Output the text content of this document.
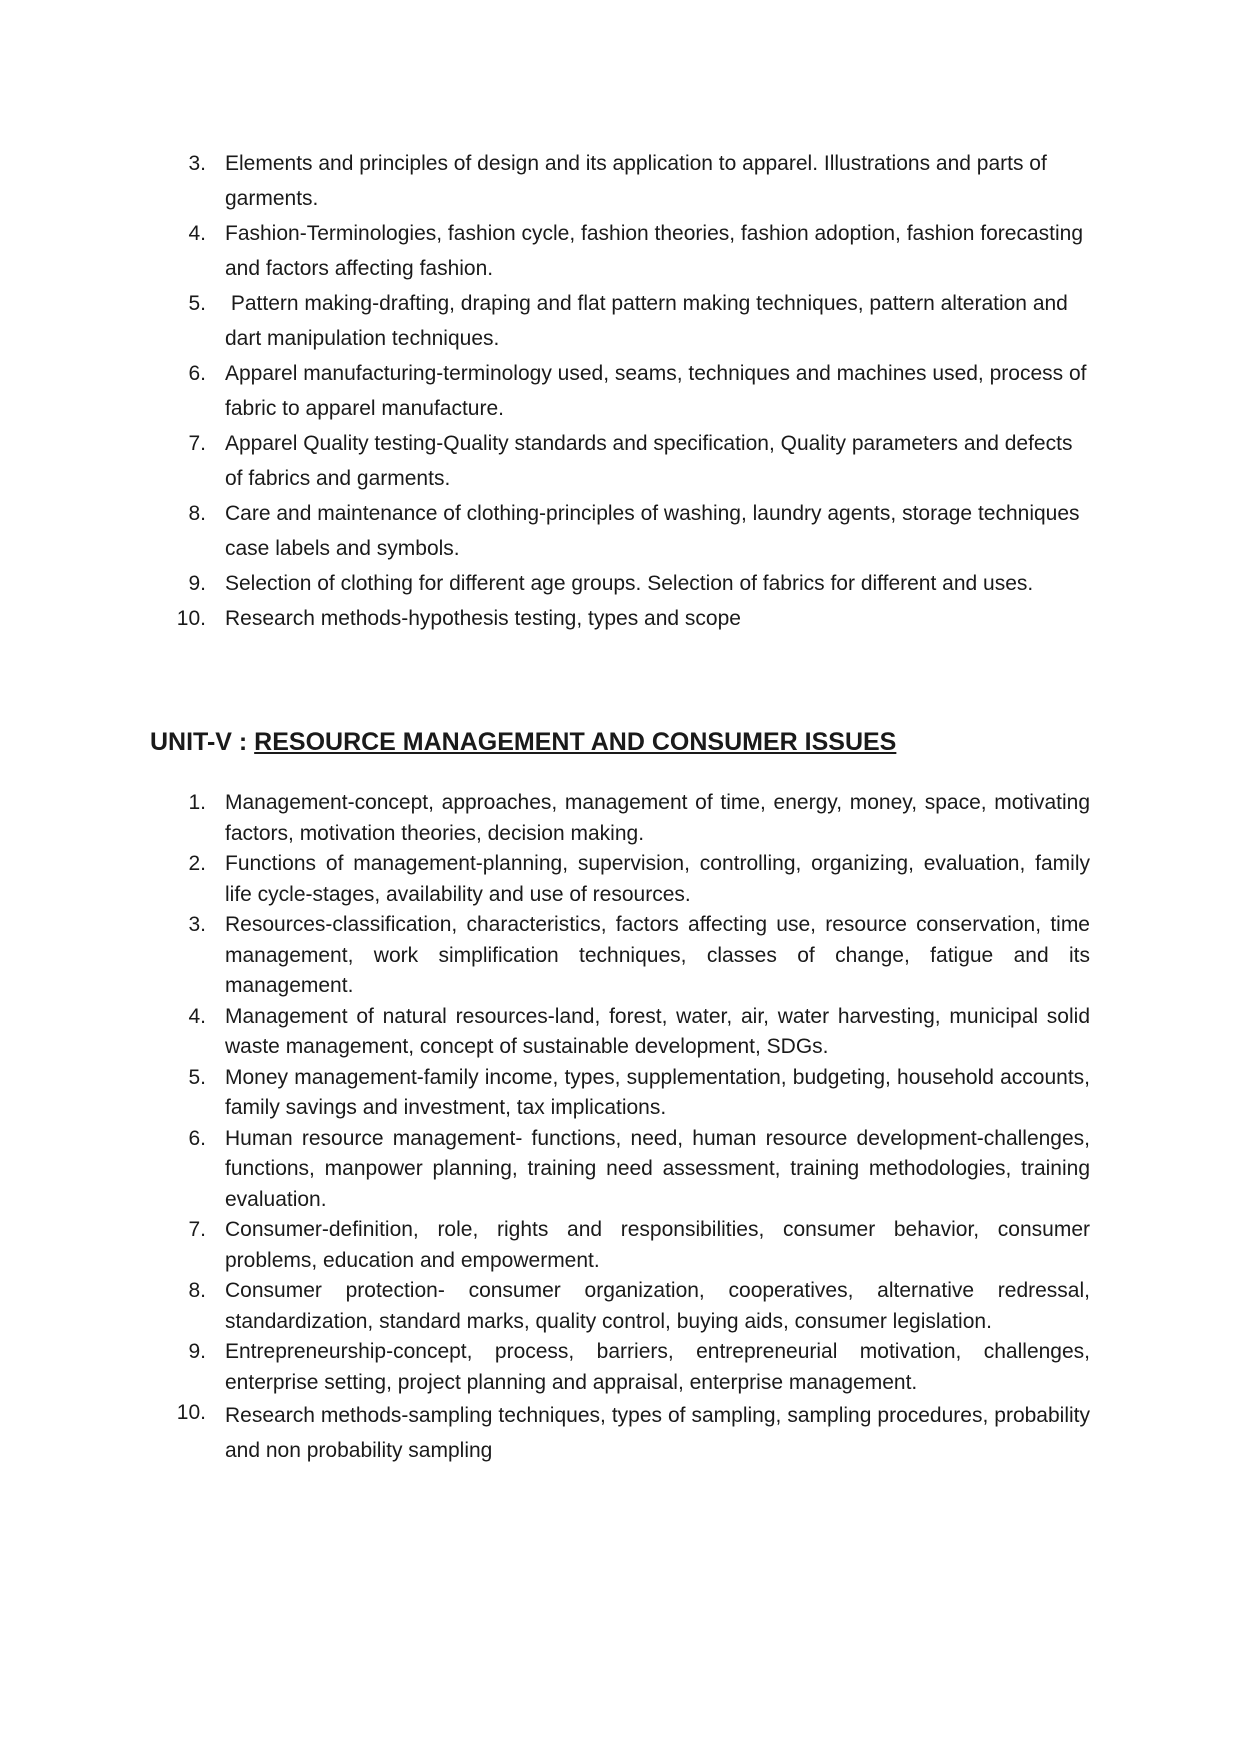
3. Elements and principles of design and its application to apparel. Illustrations and parts of garments.
4. Fashion-Terminologies, fashion cycle, fashion theories, fashion adoption, fashion forecasting and factors affecting fashion.
5. Pattern making-drafting, draping and flat pattern making techniques, pattern alteration and dart manipulation techniques.
6. Apparel manufacturing-terminology used, seams, techniques and machines used, process of fabric to apparel manufacture.
7. Apparel Quality testing-Quality standards and specification, Quality parameters and defects of fabrics and garments.
8. Care and maintenance of clothing-principles of washing, laundry agents, storage techniques case labels and symbols.
9. Selection of clothing for different age groups. Selection of fabrics for different and uses.
10. Research methods-hypothesis testing, types and scope
UNIT-V : RESOURCE MANAGEMENT AND CONSUMER ISSUES
1. Management-concept, approaches, management of time, energy, money, space, motivating factors, motivation theories, decision making.
2. Functions of management-planning, supervision, controlling, organizing, evaluation, family life cycle-stages, availability and use of resources.
3. Resources-classification, characteristics, factors affecting use, resource conservation, time management, work simplification techniques, classes of change, fatigue and its management.
4. Management of natural resources-land, forest, water, air, water harvesting, municipal solid waste management, concept of sustainable development, SDGs.
5. Money management-family income, types, supplementation, budgeting, household accounts, family savings and investment, tax implications.
6. Human resource management- functions, need, human resource development-challenges, functions, manpower planning, training need assessment, training methodologies, training evaluation.
7. Consumer-definition, role, rights and responsibilities, consumer behavior, consumer problems, education and empowerment.
8. Consumer protection- consumer organization, cooperatives, alternative redressal, standardization, standard marks, quality control, buying aids, consumer legislation.
9. Entrepreneurship-concept, process, barriers, entrepreneurial motivation, challenges, enterprise setting, project planning and appraisal, enterprise management.
10. Research methods-sampling techniques, types of sampling, sampling procedures, probability and non probability sampling
